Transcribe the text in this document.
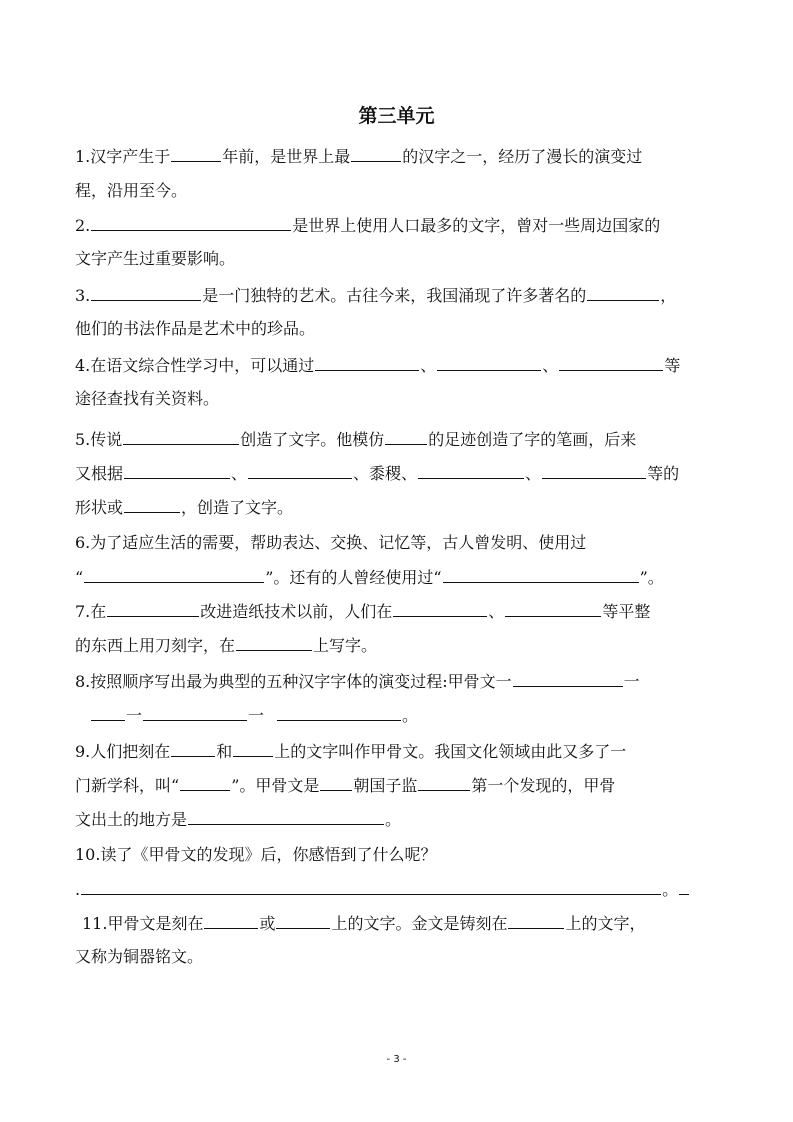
第三单元
1.汉字产生于	年前，是世界上最	的汉字之一，经历了漫长的演变过
程，沿用至今。
2.	是世界上使用人口最多的文字，曾对一些周边国家的
文字产生过重要影响。
3.	是一门独特的艺术。古往今来，我国涌现了许多著名的	，
他们的书法作品是艺术中的珍品。
4.在语文综合性学习中，可以通过	、	、	等
途径查找有关资料。
5.传说	创造了文字。他模仿	的足迹创造了字的笔画，后来
又根据	、	、黍稷、	、	等的
形状或	，创造了文字。
6.为了适应生活的需要，帮助表达、交换、记忆等，古人曾发明、使用过
“	”。还有的人曾经使用过“	”。
7.在	改进造纸技术以前，人们在	、	等平整
的东西上用刀刻字，在	上写字。
8.按照顺序写出最为典型的五种汉字字体的演变过程:甲骨文一	一
一	一	。
9.人们把刻在	和	上的文字叫作甲骨文。我国文化领域由此又多了一
门新学科，叫“	”。甲骨文是 朝国子监	第一个发现的，甲骨
文出土的地方是	。
10.读了《甲骨文的发现》后，你感悟到了什么呢？
.	。
11.甲骨文是刻在	或	上的文字。金文是铸刻在	上的文字，
又称为铜器铭文。
- 3 -
